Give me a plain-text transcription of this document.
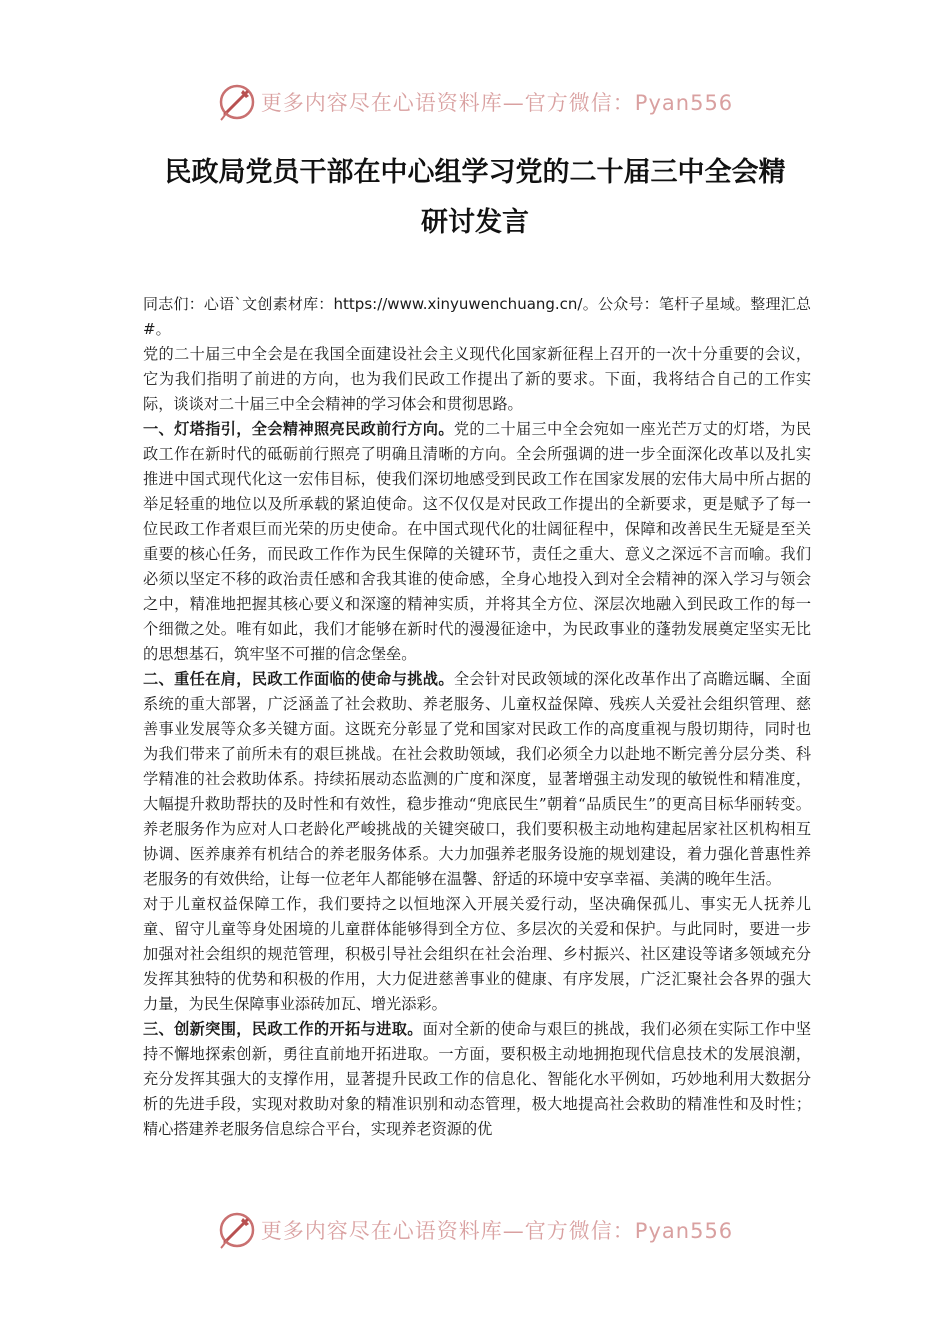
更多内容尽在心语资料库—官方微信：Pyan556
民政局党员干部在中心组学习党的二十届三中全会精
研讨发言

同志们：心语`文创素材库：https://www.xinyuwenchuang.cn/。公众号：笔杆子星域。整理汇总#。

党的二十届三中全会是在我国全面建设社会主义现代化国家新征程上召开的一次十分重要的会议，它为我们指明了前进的方向，也为我们民政工作提出了新的要求。下面，我将结合自己的工作实际，谈谈对二十届三中全会精神的学习体会和贯彻思路。

一、灯塔指引，全会精神照亮民政前行方向。党的二十届三中全会宛如一座光芒万丈的灯塔，为民政工作在新时代的砥砺前行照亮了明确且清晰的方向。全会所强调的进一步全面深化改革以及扎实推进中国式现代化这一宏伟目标，使我们深切地感受到民政工作在国家发展的宏伟大局中所占据的举足轻重的地位以及所承载的紧迫使命。这不仅仅是对民政工作提出的全新要求，更是赋予了每一位民政工作者艰巨而光荣的历史使命。在中国式现代化的壮阔征程中，保障和改善民生无疑是至关重要的核心任务，而民政工作作为民生保障的关键环节，责任之重大、意义之深远不言而喻。我们必须以坚定不移的政治责任感和舍我其谁的使命感，全身心地投入到对全会精神的深入学习与领会之中，精准地把握其核心要义和深邃的精神实质，并将其全方位、深层次地融入到民政工作的每一个细微之处。唯有如此，我们才能够在新时代的漫漫征途中，为民政事业的蓬勃发展奠定坚实无比的思想基石，筑牢坚不可摧的信念堡垒。

二、重任在肩，民政工作面临的使命与挑战。全会针对民政领域的深化改革作出了高瞻远瞩、全面系统的重大部署，广泛涵盖了社会救助、养老服务、儿童权益保障、残疾人关爱社会组织管理、慈善事业发展等众多关键方面。这既充分彰显了党和国家对民政工作的高度重视与殷切期待，同时也为我们带来了前所未有的艰巨挑战。在社会救助领域，我们必须全力以赴地不断完善分层分类、科学精准的社会救助体系。持续拓展动态监测的广度和深度，显著增强主动发现的敏锐性和精准度，大幅提升救助帮扶的及时性和有效性，稳步推动“兜底民生”朝着“品质民生”的更高目标华丽转变。养老服务作为应对人口老龄化严峻挑战的关键突破口，我们要积极主动地构建起居家社区机构相互协调、医养康养有机结合的养老服务体系。大力加强养老服务设施的规划建设，着力强化普惠性养老服务的有效供给，让每一位老年人都能够在温馨、舒适的环境中安享幸福、美满的晚年生活。

对于儿童权益保障工作，我们要持之以恒地深入开展关爱行动，坚决确保孤儿、事实无人抚养儿童、留守儿童等身处困境的儿童群体能够得到全方位、多层次的关爱和保护。与此同时，要进一步加强对社会组织的规范管理，积极引导社会组织在社会治理、乡村振兴、社区建设等诸多领域充分发挥其独特的优势和积极的作用，大力促进慈善事业的健康、有序发展，广泛汇聚社会各界的强大力量，为民生保障事业添砖加瓦、增光添彩。

三、创新突围，民政工作的开拓与进取。面对全新的使命与艰巨的挑战，我们必须在实际工作中坚持不懈地探索创新，勇往直前地开拓进取。一方面，要积极主动地拥抱现代信息技术的发展浪潮，充分发挥其强大的支撑作用，显著提升民政工作的信息化、智能化水平例如，巧妙地利用大数据分析的先进手段，实现对救助对象的精准识别和动态管理，极大地提高社会救助的精准性和及时性；精心搭建养老服务信息综合平台，实现养老资源的优

更多内容尽在心语资料库—官方微信：Pyan556
